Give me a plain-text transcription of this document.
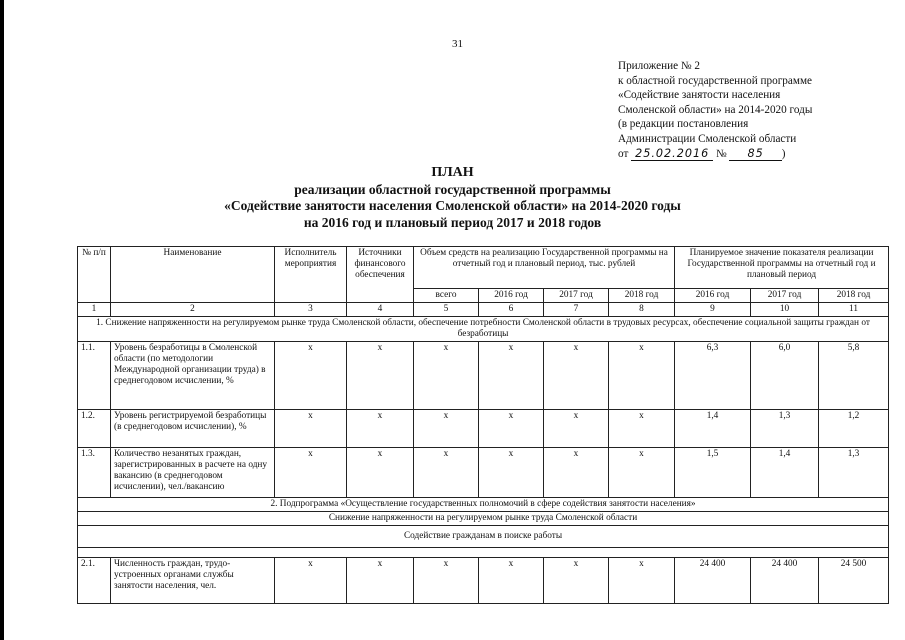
31
Приложение № 2
к областной государственной программе
«Содействие занятости населения
Смоленской области» на 2014-2020 годы
(в редакции постановления
Администрации Смоленской области
от 25.02.2016 № 85 )
ПЛАН
реализации областной государственной программы
«Содействие занятости населения Смоленской области» на 2014-2020 годы
на 2016 год и плановый период 2017 и 2018 годов
№ п/п	Наименование	Исполнитель мероприятия	Источники финансового обеспечения	Объем средств на реализацию Государственной программы на отчетный год и плановый период, тыс. рублей				Планируемое значение показателя реализации Государственной программы на отчетный год и плановый период		
				всего	2016 год	2017 год	2018 год	2016 год	2017 год	2018 год
1	2	3	4	5	6	7	8	9	10	11
1. Снижение напряженности на регулируемом рынке труда Смоленской области, обеспечение потребности Смоленской области в трудовых ресурсах, обеспечение социальной защиты граждан от безработицы										
1.1.	Уровень безработицы в Смоленской области (по методологии Международной организации труда) в среднегодовом исчислении, %	x	x	x	x	x	x	6,3	6,0	5,8
1.2.	Уровень регистрируемой безработицы (в среднегодовом исчислении), %	x	x	x	x	x	x	1,4	1,3	1,2
1.3.	Количество незанятых граждан, зарегистрированных в расчете на одну вакансию (в среднегодовом исчислении), чел./вакансию	x	x	x	x	x	x	1,5	1,4	1,3
2. Подпрограмма «Осуществление государственных полномочий в сфере содействия занятости населения»										
Снижение напряженности на регулируемом рынке труда Смоленской области										
Содействие гражданам в поиске работы										

2.1.	Численность граждан, трудо-устроенных органами службы занятости населения, чел.	x	x	x	x	x	x	24 400	24 400	24 500
